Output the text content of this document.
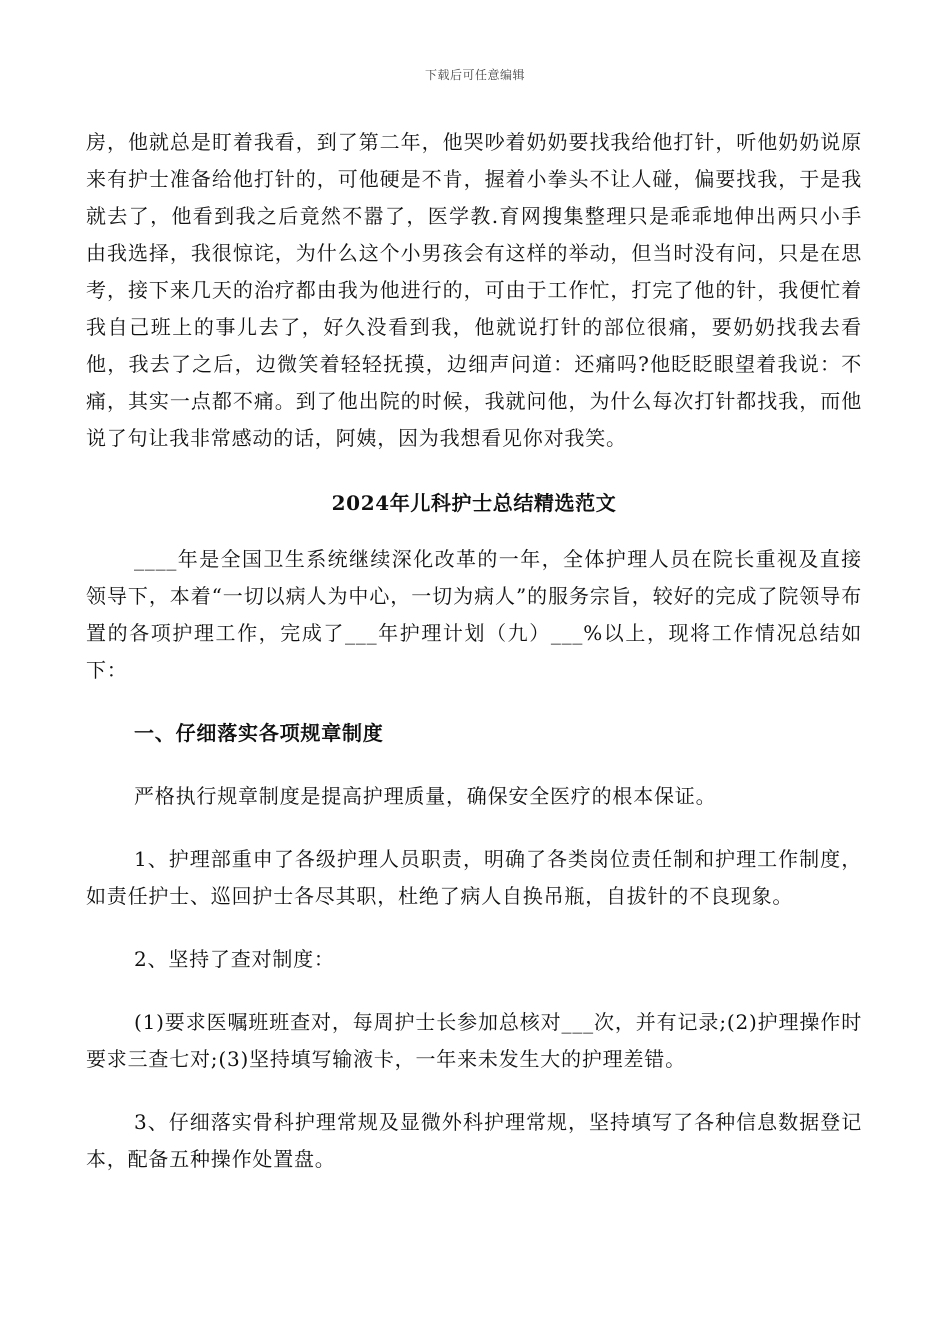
下载后可任意编辑

房，他就总是盯着我看，到了第二年，他哭吵着奶奶要找我给他打针，听他奶奶说原来有护士准备给他打针的，可他硬是不肯，握着小拳头不让人碰，偏要找我，于是我就去了，他看到我之后竟然不嚣了，医学教.育网搜集整理只是乖乖地伸出两只小手由我选择，我很惊诧，为什么这个小男孩会有这样的举动，但当时没有问，只是在思考，接下来几天的治疗都由我为他进行的，可由于工作忙，打完了他的针，我便忙着我自己班上的事儿去了，好久没看到我，他就说打针的部位很痛，要奶奶找我去看他，我去了之后，边微笑着轻轻抚摸，边细声问道：还痛吗?他眨眨眼望着我说：不痛，其实一点都不痛。到了他出院的时候，我就问他，为什么每次打针都找我，而他说了句让我非常感动的话，阿姨，因为我想看见你对我笑。

2024年儿科护士总结精选范文

____年是全国卫生系统继续深化改革的一年，全体护理人员在院长重视及直接领导下，本着“一切以病人为中心，一切为病人”的服务宗旨，较好的完成了院领导布置的各项护理工作，完成了___年护理计划（九）___%以上，现将工作情况总结如下：

一、仔细落实各项规章制度

严格执行规章制度是提高护理质量，确保安全医疗的根本保证。

1、护理部重申了各级护理人员职责，明确了各类岗位责任制和护理工作制度，如责任护士、巡回护士各尽其职，杜绝了病人自换吊瓶，自拔针的不良现象。

2、坚持了查对制度：

(1)要求医嘱班班查对，每周护士长参加总核对___次，并有记录;(2)护理操作时要求三查七对;(3)坚持填写输液卡，一年来未发生大的护理差错。

3、仔细落实骨科护理常规及显微外科护理常规，坚持填写了各种信息数据登记本，配备五种操作处置盘。
